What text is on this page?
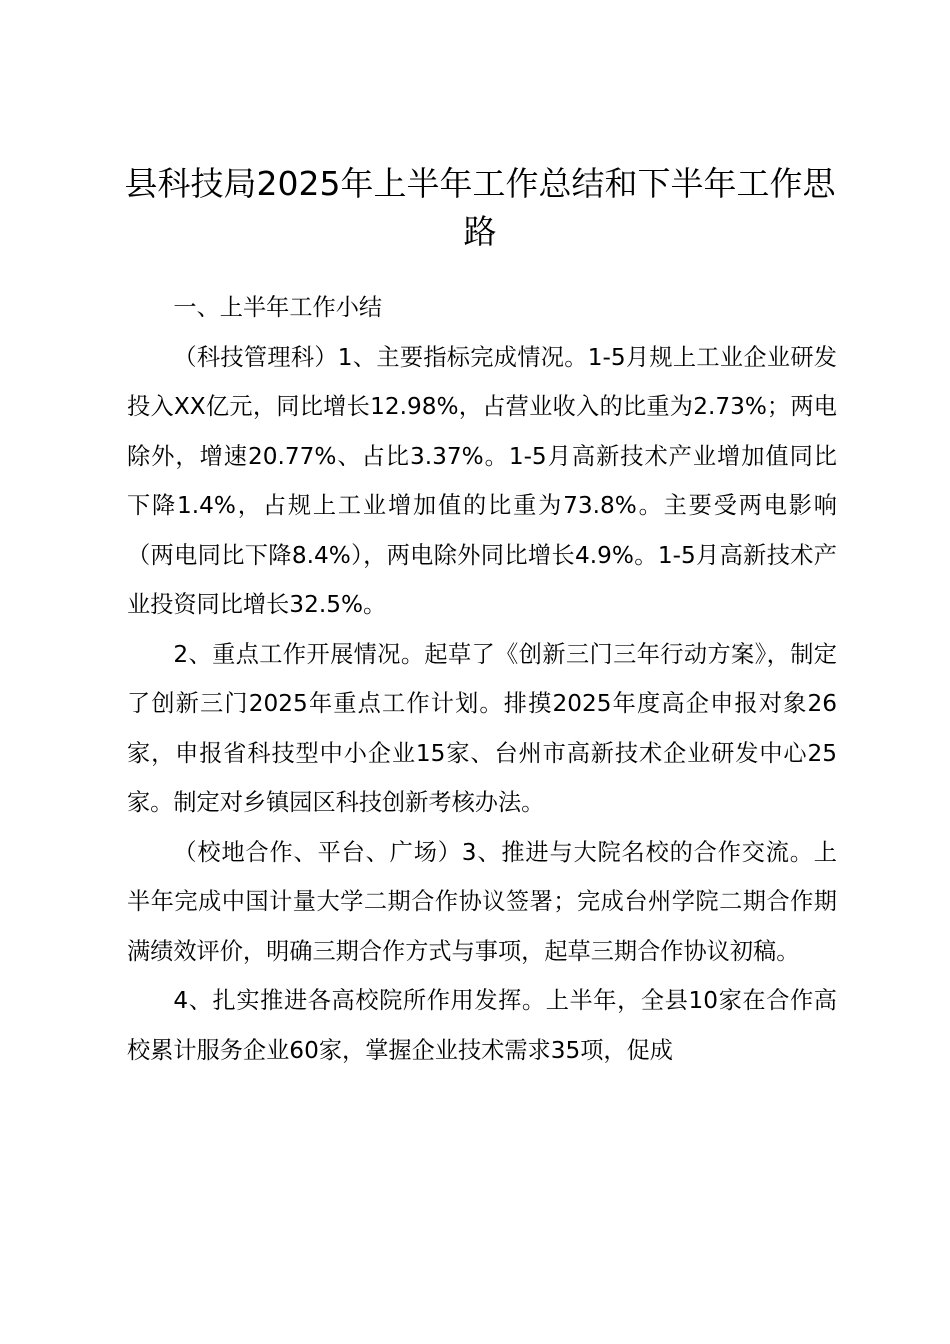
县科技局2025年上半年工作总结和下半年工作思路

一、上半年工作小结

（科技管理科）1、主要指标完成情况。1-5月规上工业企业研发投入XX亿元，同比增长12.98%，占营业收入的比重为2.73%；两电除外，增速20.77%、占比3.37%。1-5月高新技术产业增加值同比下降1.4%，占规上工业增加值的比重为73.8%。主要受两电影响（两电同比下降8.4%），两电除外同比增长4.9%。1-5月高新技术产业投资同比增长32.5%。

2、重点工作开展情况。起草了《创新三门三年行动方案》，制定了创新三门2025年重点工作计划。排摸2025年度高企申报对象26家，申报省科技型中小企业15家、台州市高新技术企业研发中心25家。制定对乡镇园区科技创新考核办法。

（校地合作、平台、广场）3、推进与大院名校的合作交流。上半年完成中国计量大学二期合作协议签署；完成台州学院二期合作期满绩效评价，明确三期合作方式与事项，起草三期合作协议初稿。

4、扎实推进各高校院所作用发挥。上半年，全县10家在合作高校累计服务企业60家，掌握企业技术需求35项，促成
